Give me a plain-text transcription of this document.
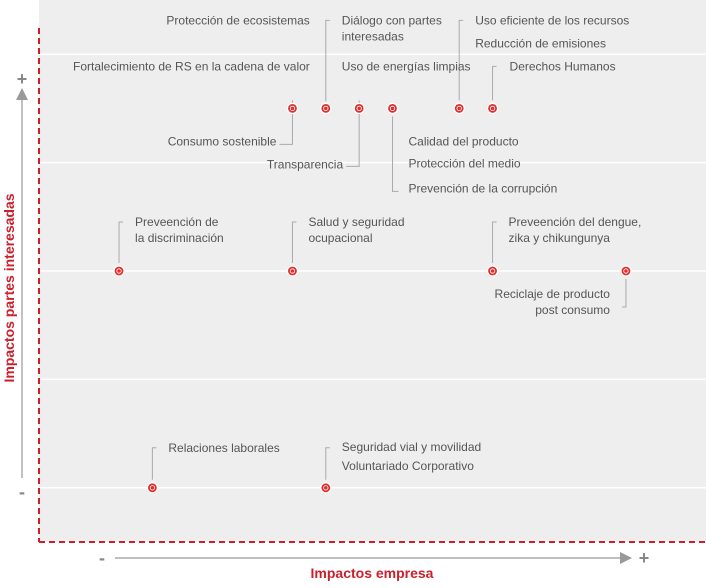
Consumo sostenible
Protección de ecosistemas
Fortalecimiento de RS en la cadena de valor
Diálogo con partes interesadas
Uso de energías limpias
Transparencia
Calidad del producto
Protección del medio
Prevención de la corrupción
Uso eficiente de los recursos
Reducción de emisiones
Derechos Humanos
Preveención de la discriminación
Salud y seguridad ocupacional
Preveención del dengue, zika y chikungunya
Reciclaje de producto post consumo
Relaciones laborales	Seguridad vial y movilidad
Voluntariado Corporativo
+
-
Impactos partes interesadas
-	+
Impactos empresa
